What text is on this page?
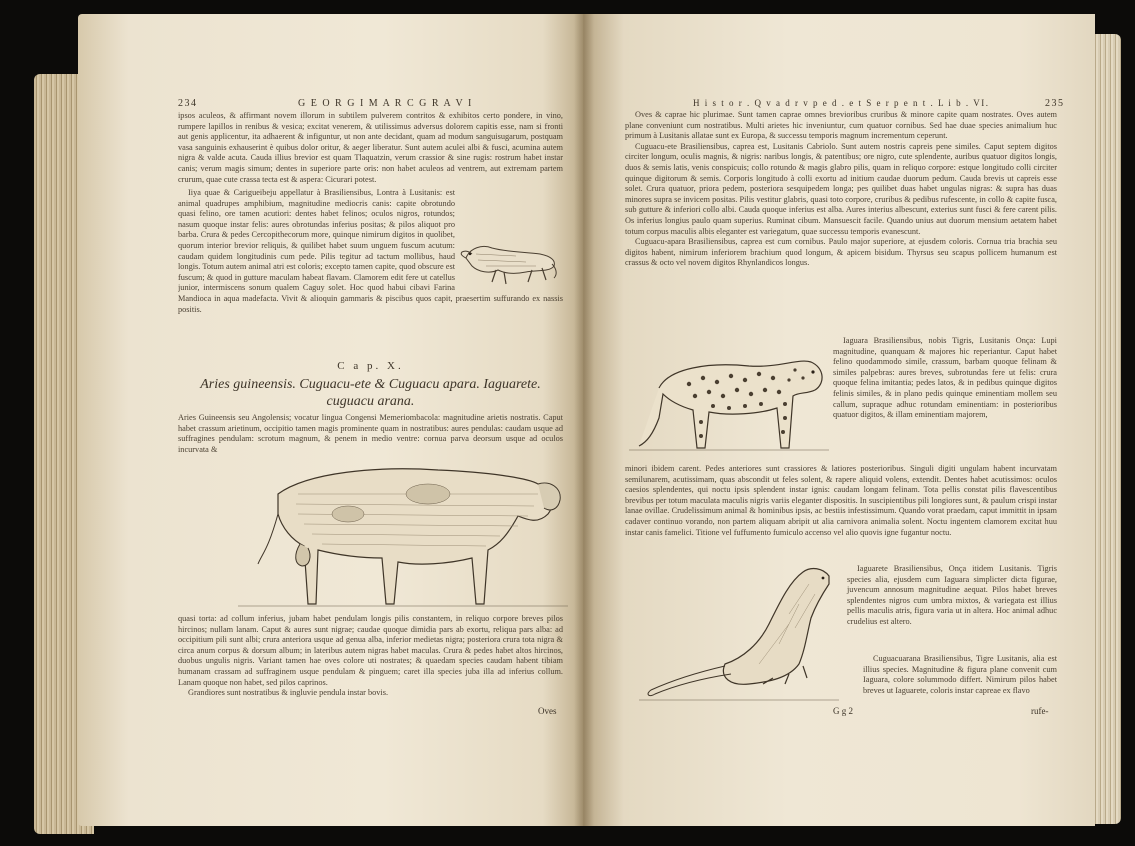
234	G E O R G I M A R C G R A V I

ipsos aculeos, & affirmant novem illorum in subtilem pulverem contritos & exhibitos certo pondere, in vino, rumpere lapillos in renibus & vesica; excitat venerem, & utilissimus adversus dolorem capitis esse, nam si fronti aut genis applicentur, ita adhaerent & infiguntur, ut non ante decidant, quam ad modum sanguisugarum, postquam vasa sanguinis exhauserint è quibus dolor oritur, & aeger liberatur. Sunt autem aculei albi & fusci, acumina autem nigra & valde acuta. Cauda illius brevior est quam Tlaquatzin, verum crassior & sine rugis: rostrum habet instar canis; verum magis simum; dentes in superiore parte oris: non habet aculeos ad ventrem, aut extremam partem crurum, quae cute crassa tecta est & aspera: Cicurari potest.

Iiya quae & Carigueibeju appellatur à Brasiliensibus, Lontra à Lusitanis: est animal quadrupes amphibium, magnitudine mediocris canis: capite obrotundo quasi felino, ore tamen acutiori: dentes habet felinos; oculos nigros, rotundos; nasum quoque instar felis: aures obrotundas inferius positas; & pilos aliquot pro barba. Crura & pedes Cercopithecorum more, quinque nimirum digitos in quolibet, quorum interior brevior reliquis, & quilibet habet suum unguem fuscum acutum: caudam quidem longitudinis cum pede. Pilis tegitur ad tactum mollibus, haud longis. Totum autem animal atri est coloris; excepto tamen capite, quod obscure est fuscum; & quod in gutture maculam habeat flavam. Clamorem edit fere ut catellus junior, intermiscens sonum qualem Caguy solet. Hoc quod habui cibavi Farina Mandioca in aqua madefacta. Vivit & alioquin gammaris & piscibus quos capit, praesertim suffurando ex nassis positis.

C a p. X.
Aries guineensis. Cuguacu-ete & Cuguacu apara. Iaguarete.
cuguacu arana.

Aries Guineensis seu Angolensis; vocatur lingua Congensi Memeriombacola: magnitudine arietis nostratis. Caput habet crassum arietinum, occipitio tamen magis prominente quam in nostratibus: aures pendulas: caudam usque ad suffragines pendulam: scrotum magnum, & penem in medio ventre: cornua parva deorsum usque ad oculos incurvata &

quasi torta: ad collum inferius, jubam habet pendulam longis pilis constantem, in reliquo corpore breves pilos hircinos; nullam lanam. Caput & aures sunt nigrae; caudae quoque dimidia pars ab exortu, reliqua pars alba: ad occipitium pili sunt albi; crura anteriora usque ad genua alba, inferior medietas nigra; posteriora crura tota nigra & circa anum corpus & dorsum album; in lateribus autem nigras habet maculas. Crura & pedes habet altos hircinos, duobus ungulis nigris. Variant tamen hae oves colore uti nostrates; & quaedam species caudam habent tibiam humanam crassam ad suffraginem usque pendulam & pinguem; caret illa species juba illa ad inferius collum. Lanam quoque non habet, sed pilos caprinos.

Grandiores sunt nostratibus & ingluvie pendula instar bovis.

Oves
H i s t o r . Q v a d r v p e d . e t S e r p e n t . L i b . VI.	235

Oves & caprae hic plurimae. Sunt tamen caprae omnes brevioribus cruribus & minore capite quam nostrates. Oves autem plane conveniunt cum nostratibus. Multi arietes hic inveniuntur, cum quatuor cornibus. Sed hae duae species animalium huc primum à Lusitanis allatae sunt ex Europa, & successu temporis magnum incrementum ceperunt.

Cuguacu-ete Brasiliensibus, caprea est, Lusitanis Cabriolo. Sunt autem nostris capreis pene similes. Caput septem digitos circiter longum, oculis magnis, & nigris: naribus longis, & patentibus; ore nigro, cute splendente, auribus quatuor digitos longis, duos & semis latis, venis conspicuis; collo rotundo & magis glabro pilis, quam in reliquo corpore: estque longitudo colli circiter quinque digitorum & semis. Corporis longitudo à colli exortu ad initium caudae duorum pedum. Cauda brevis ut capreis esse solet. Crura quatuor, priora pedem, posteriora sesquipedem longa; pes quilibet duas habet ungulas nigras: & supra has duas minores supra se invicem positas. Pilis vestitur glabris, quasi toto corpore, cruribus & pedibus rufescente, in collo & capite fusca, sub gutture & inferiori collo albi. Cauda quoque inferius est alba. Aures interius albescunt, exterius sunt fusci & fere carent pilis. Os inferius longius paulo quam superius. Ruminat cibum. Mansuescit facile. Quando unius aut duorum mensium aetatem habet totum corpus maculis albis eleganter est variegatum, quae successu temporis evanescunt.

Cuguacu-apara Brasiliensibus, caprea est cum cornibus. Paulo major superiore, at ejusdem coloris. Cornua tria brachia seu digitos habent, nimirum inferiorem brachium quod longum, & apicem bisidum. Thyrsus seu scapus pollicem humanum est crassus & octo vel novem digitos Rhynlandicos longus.

Iaguara Brasiliensibus, nobis Tigris, Lusitanis Onça: Lupi magnitudine, quanquam & majores hic reperiantur. Caput habet felino quodammodo simile, crassum, barbam quoque felinam & similes palpebras: aures breves, subrotundas fere ut felis: crura quoque felina imitantia; pedes latos, & in pedibus quinque digitos felinis similes, & in plano pedis quinque eminentiam mollem seu callum, supraque adhuc rotundam eminentiam: in posterioribus quatuor digitos, & illam eminentiam majorem,

minori ibidem carent. Pedes anteriores sunt crassiores & latiores posterioribus. Singuli digiti ungulam habent incurvatam semilunarem, acutissimam, quas abscondit ut feles solent, & rapere aliquid volens, extendit. Dentes habet acutissimos: oculos caesios splendentes, qui noctu ipsis splendent instar ignis: caudam longam felinam. Tota pellis constat pilis flavescentibus brevibus per totum maculata maculis nigris variis eleganter dispositis. In suscipientibus pili longiores sunt, & paulum crispi instar lanae ovillae. Crudelissimum animal & hominibus ipsis, ac bestiis infestissimum. Quando vorat praedam, caput immittit in ipsam cadaver continuo vorando, non partem aliquam abripit ut alia carnivora animalia solent. Noctu ingentem clamorem excitat huu instar canis famelici. Titione vel fuffumento fumiculo accenso vel alio quovis igne fugantur noctu.

Iaguarete Brasiliensibus, Onça itidem Lusitanis. Tigris species alia, ejusdem cum Iaguara simplicter dicta figurae, juvencum annosum magnitudine aequat. Pilos habet breves splendentes nigros cum umbra mixtos, & variegata est illius pellis maculis atris, figura varia ut in altera. Hoc animal adhuc crudelius est altero.

Cuguacuarana Brasiliensibus, Tigre Lusitanis, alia est illius species. Magnitudine & figura plane convenit cum Iaguara, colore solummodo differt. Nimirum pilos habet breves ut Iaguarete, coloris instar capreae ex flavo

G g 2	rufe-
